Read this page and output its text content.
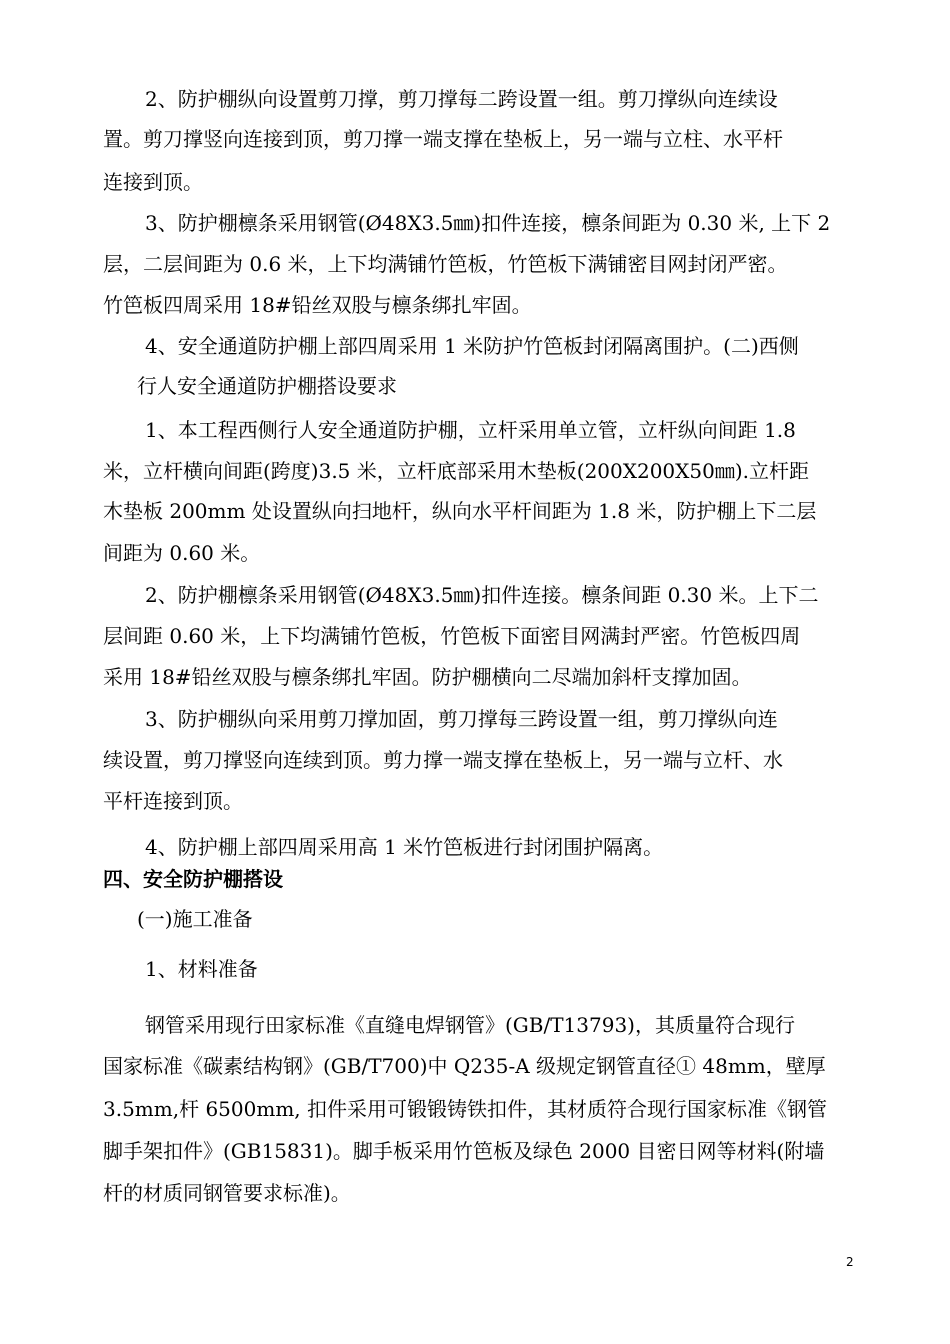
2、防护棚纵向设置剪刀撑，剪刀撑每二跨设置一组。剪刀撑纵向连续设
置。剪刀撑竖向连接到顶，剪刀撑一端支撑在垫板上，另一端与立柱、水平杆
连接到顶。
3、防护棚檩条采用钢管(Ø48X3.5㎜)扣件连接，檩条间距为 0.30 米, 上下 2
层，二层间距为 0.6 米，上下均满铺竹笆板，竹笆板下满铺密目网封闭严密。
竹笆板四周采用 18#铅丝双股与檩条绑扎牢固。
4、安全通道防护棚上部四周采用 1 米防护竹笆板封闭隔离围护。(二)西侧
行人安全通道防护棚搭设要求
1、本工程西侧行人安全通道防护棚，立杆采用单立管，立杆纵向间距 1.8
米，立杆横向间距(跨度)3.5 米，立杆底部采用木垫板(200X200X50㎜).立杆距
木垫板 200mm 处设置纵向扫地杆，纵向水平杆间距为 1.8 米，防护棚上下二层
间距为 0.60 米。
2、防护棚檩条采用钢管(Ø48X3.5㎜)扣件连接。檩条间距 0.30 米。上下二
层间距 0.60 米，上下均满铺竹笆板，竹笆板下面密目网满封严密。竹笆板四周
采用 18#铅丝双股与檩条绑扎牢固。防护棚横向二尽端加斜杆支撑加固。
3、防护棚纵向采用剪刀撑加固，剪刀撑每三跨设置一组，剪刀撑纵向连
续设置，剪刀撑竖向连续到顶。剪力撑一端支撑在垫板上，另一端与立杆、水
平杆连接到顶。
4、防护棚上部四周采用高 1 米竹笆板进行封闭围护隔离。
四、安全防护棚搭设
(一)施工准备
1、材料准备
钢管采用现行田家标准《直缝电焊钢管》(GB/T13793)，其质量符合现行
国家标准《碳素结构钢》(GB/T700)中 Q235-A 级规定钢管直径① 48mm，壁厚
3.5mm,杆 6500mm, 扣件采用可锻锻铸铁扣件，其材质符合现行国家标准《钢管
脚手架扣件》(GB15831)。脚手板采用竹笆板及绿色 2000 目密日网等材料(附墙
杆的材质同钢管要求标准)。
2
